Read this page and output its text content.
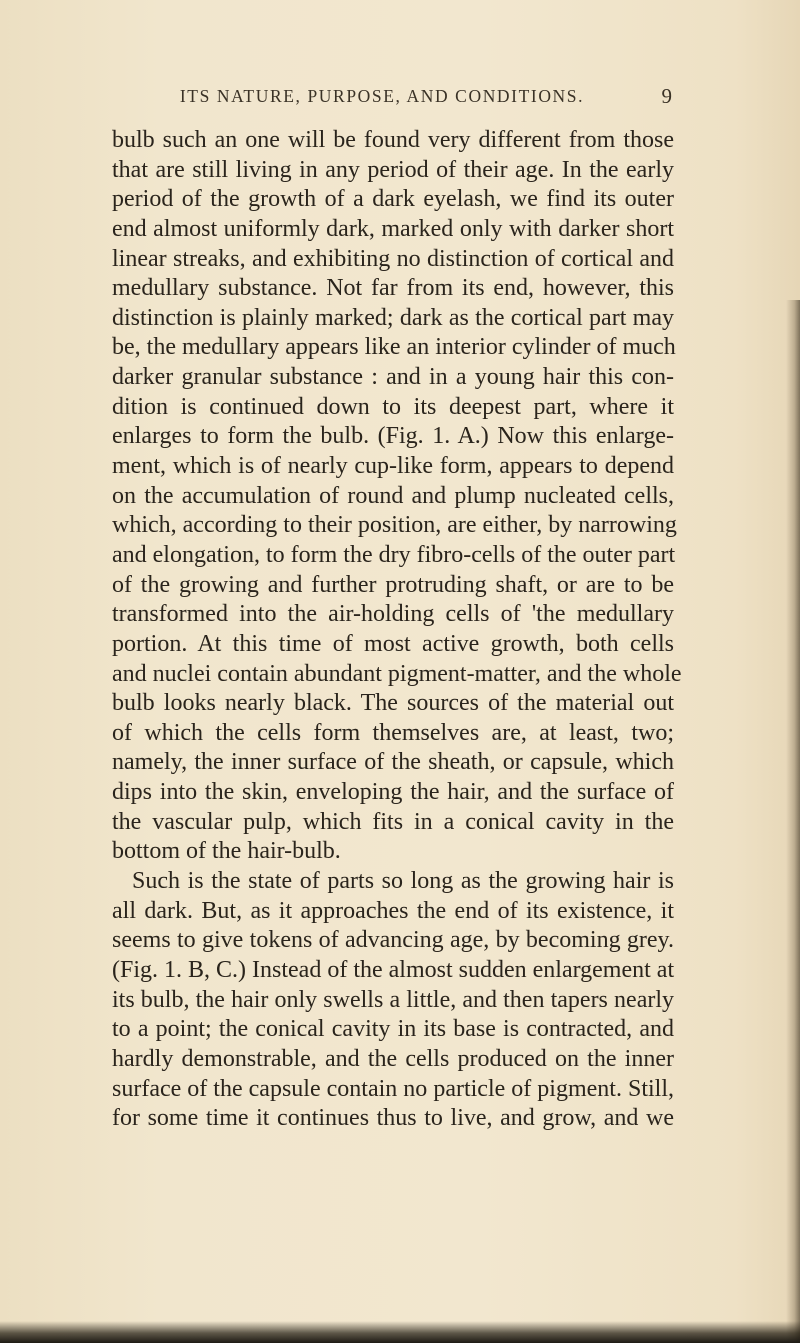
ITS NATURE, PURPOSE, AND CONDITIONS.	9
bulb such an one will be found very different from those
that are still living in any period of their age. In the early
period of the growth of a dark eyelash, we find its outer
end almost uniformly dark, marked only with darker short
linear streaks, and exhibiting no distinction of cortical and
medullary substance. Not far from its end, however, this
distinction is plainly marked; dark as the cortical part may
be, the medullary appears like an interior cylinder of much
darker granular substance : and in a young hair this con-
dition is continued down to its deepest part, where it
enlarges to form the bulb. (Fig. 1. A.) Now this enlarge-
ment, which is of nearly cup-like form, appears to depend
on the accumulation of round and plump nucleated cells,
which, according to their position, are either, by narrowing
and elongation, to form the dry fibro-cells of the outer part
of the growing and further protruding shaft, or are to be
transformed into the air-holding cells of 'the medullary
portion. At this time of most active growth, both cells
and nuclei contain abundant pigment-matter, and the whole
bulb looks nearly black. The sources of the material out
of which the cells form themselves are, at least, two;
namely, the inner surface of the sheath, or capsule, which
dips into the skin, enveloping the hair, and the surface of
the vascular pulp, which fits in a conical cavity in the
bottom of the hair-bulb.
Such is the state of parts so long as the growing hair is
all dark. But, as it approaches the end of its existence, it
seems to give tokens of advancing age, by becoming grey.
(Fig. 1. B, C.) Instead of the almost sudden enlargement at
its bulb, the hair only swells a little, and then tapers nearly
to a point; the conical cavity in its base is contracted, and
hardly demonstrable, and the cells produced on the inner
surface of the capsule contain no particle of pigment. Still,
for some time it continues thus to live, and grow, and we
